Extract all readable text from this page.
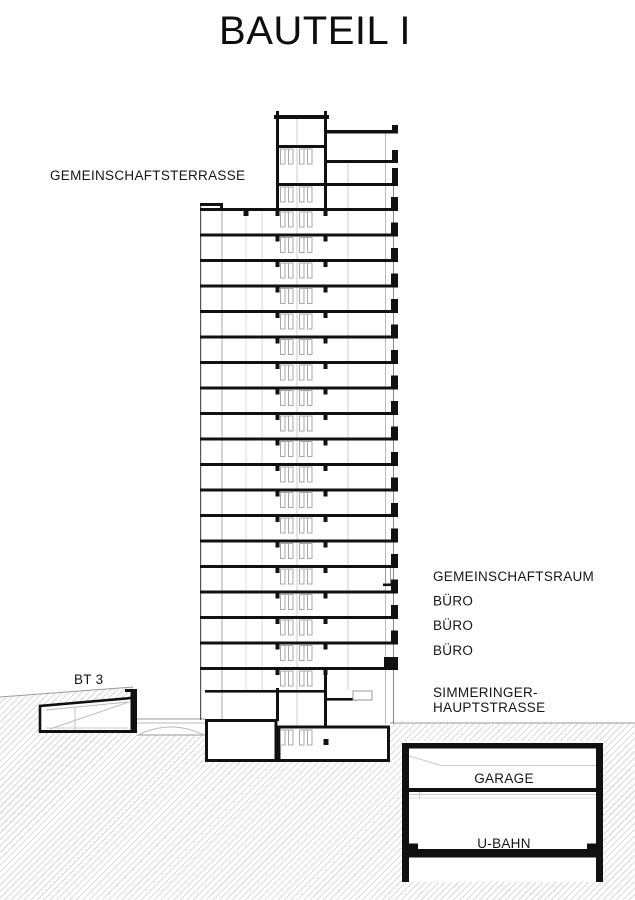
BAUTEIL I
GEMEINSCHAFTSTERRASSE
BT 3
GEMEINSCHAFTSRAUM
BÜRO
BÜRO
BÜRO
SIMMERINGER-
HAUPTSTRASSE
GARAGE
U-BAHN
